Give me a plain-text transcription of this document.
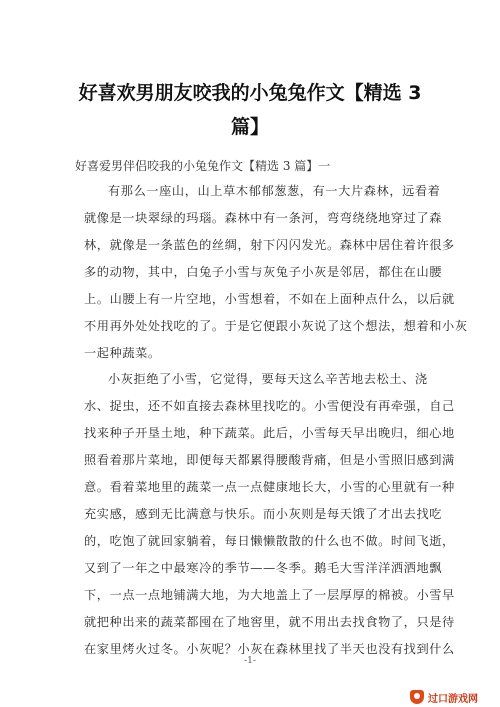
好喜欢男朋友咬我的小兔兔作文【精选 3
篇】
好喜爱男伴侣咬我的小兔兔作文【精选 3 篇】一
有那么一座山，山上草木郁郁葱葱，有一大片森林，远看着
就像是一块翠绿的玛瑙。森林中有一条河，弯弯绕绕地穿过了森
林，就像是一条蓝色的丝绸，射下闪闪发光。森林中居住着许很多
多的动物，其中，白兔子小雪与灰兔子小灰是邻居，都住在山腰
上。山腰上有一片空地，小雪想着，不如在上面种点什么，以后就
不用再外处处找吃的了。于是它便跟小灰说了这个想法，想着和小灰
一起种蔬菜。
小灰拒绝了小雪，它觉得，要每天这么辛苦地去松土、浇
水、捉虫，还不如直接去森林里找吃的。小雪便没有再牵强，自己
找来种子开垦土地，种下蔬菜。此后，小雪每天早出晚归，细心地
照看着那片菜地，即便每天都累得腰酸背痛，但是小雪照旧感到满
意。看着菜地里的蔬菜一点一点健康地长大，小雪的心里就有一种
充实感，感到无比满意与快乐。而小灰则是每天饿了才出去找吃
的，吃饱了就回家躺着，每日懒懒散散的什么也不做。时间飞逝，
又到了一年之中最寒冷的季节——冬季。鹅毛大雪洋洋洒洒地飘
下，一点一点地铺满大地，为大地盖上了一层厚厚的棉被。小雪早
就把种出来的蔬菜都囤在了地窖里，就不用出去找食物了，只是待
在家里烤火过冬。小灰呢？小灰在森林里找了半天也没有找到什么
-1-
过口游戏网
